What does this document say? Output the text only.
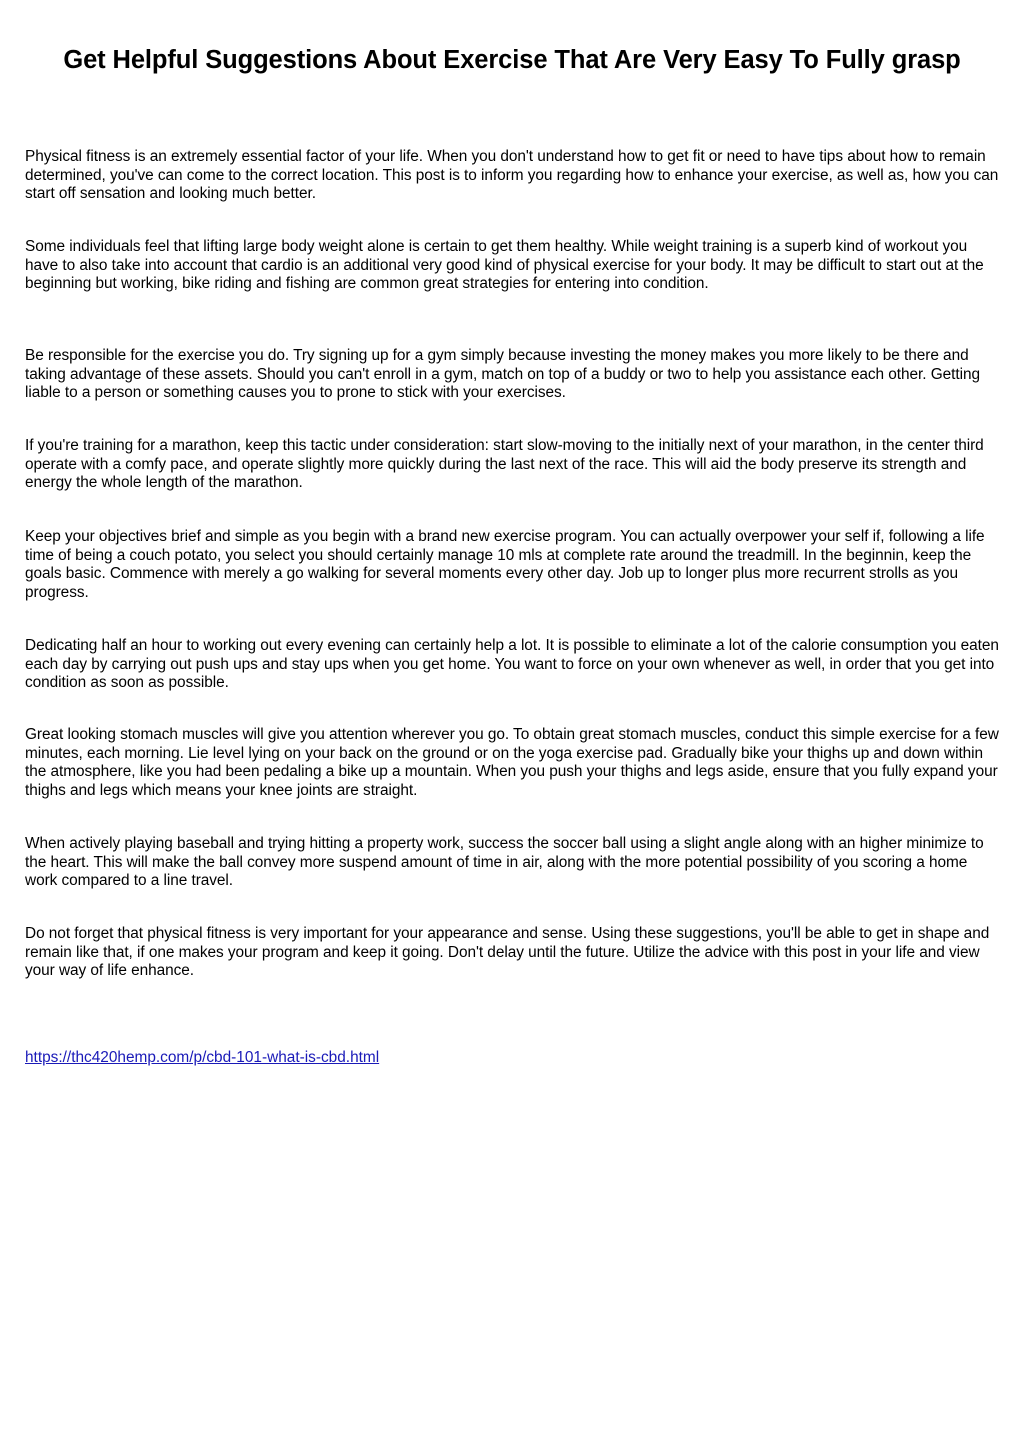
Get Helpful Suggestions About Exercise That Are Very Easy To Fully grasp

Physical fitness is an extremely essential factor of your life. When you don't understand how to get fit or need to have tips about how to remain determined, you've can come to the correct location. This post is to inform you regarding how to enhance your exercise, as well as, how you can start off sensation and looking much better.

Some individuals feel that lifting large body weight alone is certain to get them healthy. While weight training is a superb kind of workout you have to also take into account that cardio is an additional very good kind of physical exercise for your body. It may be difficult to start out at the beginning but working, bike riding and fishing are common great strategies for entering into condition.

Be responsible for the exercise you do. Try signing up for a gym simply because investing the money makes you more likely to be there and taking advantage of these assets. Should you can't enroll in a gym, match on top of a buddy or two to help you assistance each other. Getting liable to a person or something causes you to prone to stick with your exercises.

If you're training for a marathon, keep this tactic under consideration: start slow-moving to the initially next of your marathon, in the center third operate with a comfy pace, and operate slightly more quickly during the last next of the race. This will aid the body preserve its strength and energy the whole length of the marathon.

Keep your objectives brief and simple as you begin with a brand new exercise program. You can actually overpower your self if, following a life time of being a couch potato, you select you should certainly manage 10 mls at complete rate around the treadmill. In the beginnin, keep the goals basic. Commence with merely a go walking for several moments every other day. Job up to longer plus more recurrent strolls as you progress.

Dedicating half an hour to working out every evening can certainly help a lot. It is possible to eliminate a lot of the calorie consumption you eaten each day by carrying out push ups and stay ups when you get home. You want to force on your own whenever as well, in order that you get into condition as soon as possible.

Great looking stomach muscles will give you attention wherever you go. To obtain great stomach muscles, conduct this simple exercise for a few minutes, each morning. Lie level lying on your back on the ground or on the yoga exercise pad. Gradually bike your thighs up and down within the atmosphere, like you had been pedaling a bike up a mountain. When you push your thighs and legs aside, ensure that you fully expand your thighs and legs which means your knee joints are straight.

When actively playing baseball and trying hitting a property work, success the soccer ball using a slight angle along with an higher minimize to the heart. This will make the ball convey more suspend amount of time in air, along with the more potential possibility of you scoring a home work compared to a line travel.

Do not forget that physical fitness is very important for your appearance and sense. Using these suggestions, you'll be able to get in shape and remain like that, if one makes your program and keep it going. Don't delay until the future. Utilize the advice with this post in your life and view your way of life enhance.

https://thc420hemp.com/p/cbd-101-what-is-cbd.html
